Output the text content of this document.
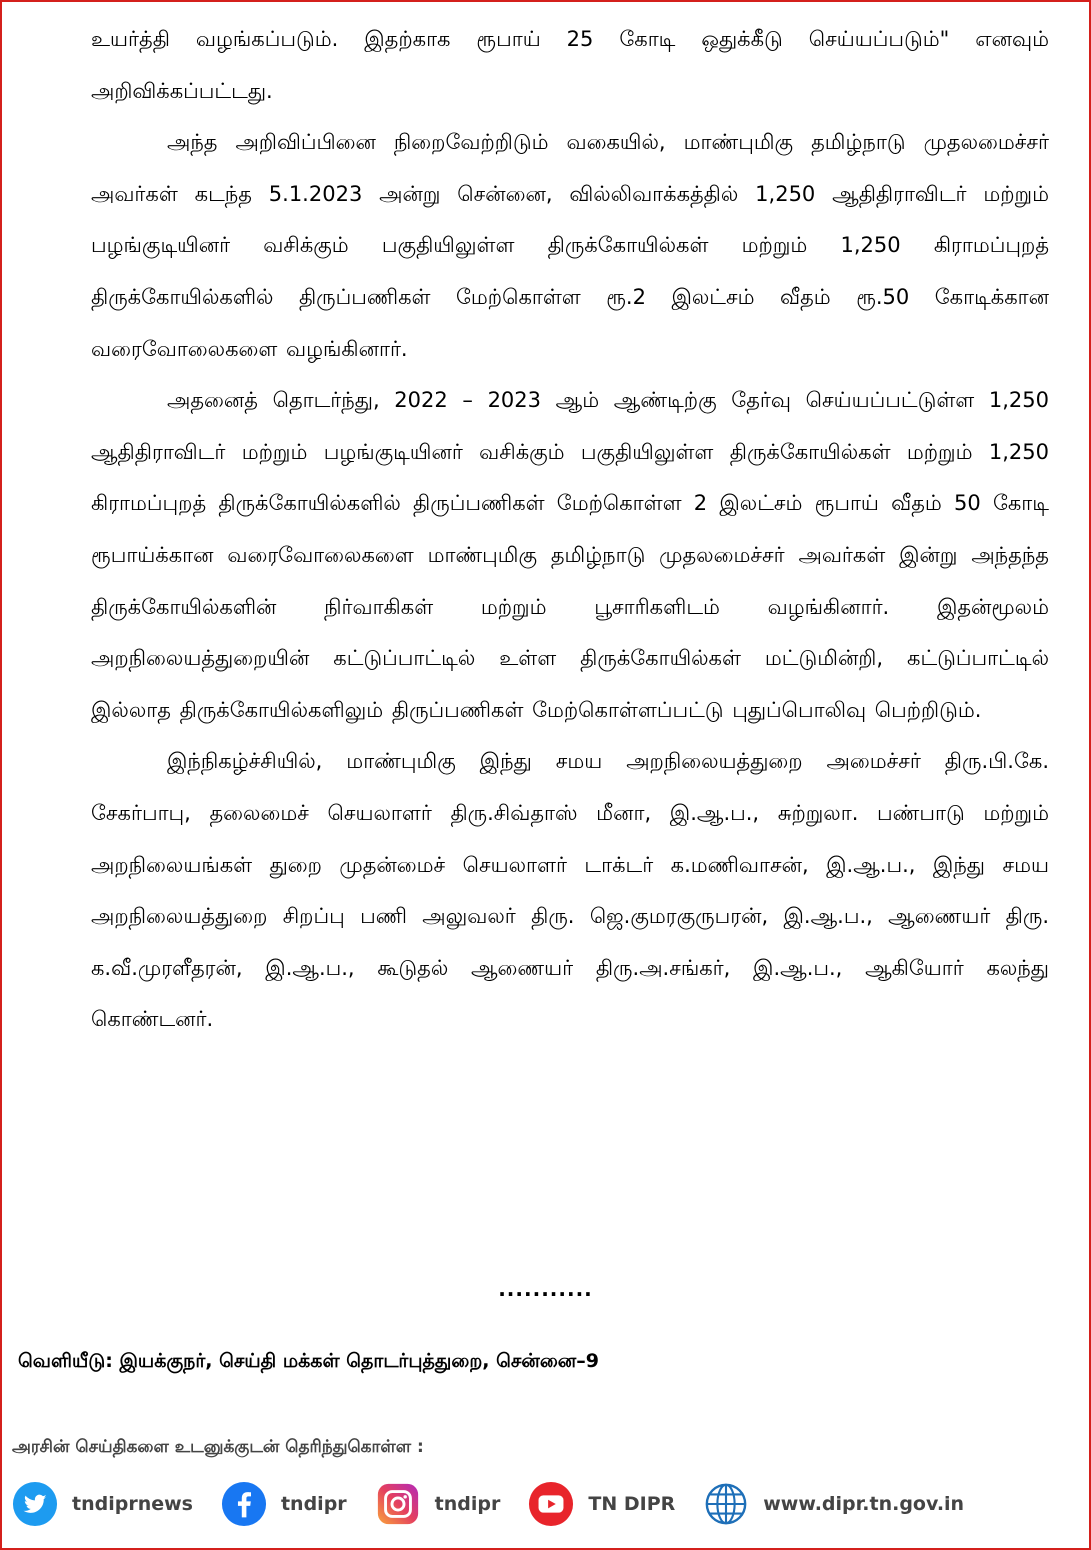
உயர்த்தி வழங்கப்படும். இதற்காக ரூபாய் 25 கோடி ஒதுக்கீடு செய்யப்படும்" எனவும் அறிவிக்கப்பட்டது.

அந்த அறிவிப்பினை நிறைவேற்றிடும் வகையில், மாண்புமிகு தமிழ்நாடு முதலமைச்சர் அவர்கள் கடந்த 5.1.2023 அன்று சென்னை, வில்லிவாக்கத்தில் 1,250 ஆதிதிராவிடர் மற்றும் பழங்குடியினர் வசிக்கும் பகுதியிலுள்ள திருக்கோயில்கள் மற்றும் 1,250 கிராமப்புறத் திருக்கோயில்களில் திருப்பணிகள் மேற்கொள்ள ரூ.2 இலட்சம் வீதம் ரூ.50 கோடிக்கான வரைவோலைகளை வழங்கினார்.

அதனைத் தொடர்ந்து, 2022 – 2023 ஆம் ஆண்டிற்கு தேர்வு செய்யப்பட்டுள்ள 1,250 ஆதிதிராவிடர் மற்றும் பழங்குடியினர் வசிக்கும் பகுதியிலுள்ள திருக்கோயில்கள் மற்றும் 1,250 கிராமப்புறத் திருக்கோயில்களில் திருப்பணிகள் மேற்கொள்ள 2 இலட்சம் ரூபாய் வீதம் 50 கோடி ரூபாய்க்கான வரைவோலைகளை மாண்புமிகு தமிழ்நாடு முதலமைச்சர் அவர்கள் இன்று அந்தந்த திருக்கோயில்களின் நிர்வாகிகள் மற்றும் பூசாரிகளிடம் வழங்கினார். இதன்மூலம் அறநிலையத்துறையின் கட்டுப்பாட்டில் உள்ள திருக்கோயில்கள் மட்டுமின்றி, கட்டுப்பாட்டில் இல்லாத திருக்கோயில்களிலும் திருப்பணிகள் மேற்கொள்ளப்பட்டு புதுப்பொலிவு பெற்றிடும்.

இந்நிகழ்ச்சியில், மாண்புமிகு இந்து சமய அறநிலையத்துறை அமைச்சர் திரு.பி.கே. சேகர்பாபு, தலைமைச் செயலாளர் திரு.சிவ்தாஸ் மீனா, இ.ஆ.ப., சுற்றுலா. பண்பாடு மற்றும் அறநிலையங்கள் துறை முதன்மைச் செயலாளர் டாக்டர் க.மணிவாசன், இ.ஆ.ப., இந்து சமய அறநிலையத்துறை சிறப்பு பணி அலுவலர் திரு. ஜெ.குமரகுருபரன், இ.ஆ.ப., ஆணையர் திரு. க.வீ.முரளீதரன், இ.ஆ.ப., கூடுதல் ஆணையர் திரு.அ.சங்கர், இ.ஆ.ப., ஆகியோர் கலந்து கொண்டனர்.

...........
வெளியீடு: இயக்குநர், செய்தி மக்கள் தொடர்புத்துறை, சென்னை–9
அரசின் செய்திகளை உடனுக்குடன் தெரிந்துகொள்ள :
tndiprnews	tndipr	tndipr	TN DIPR	www.dipr.tn.gov.in
